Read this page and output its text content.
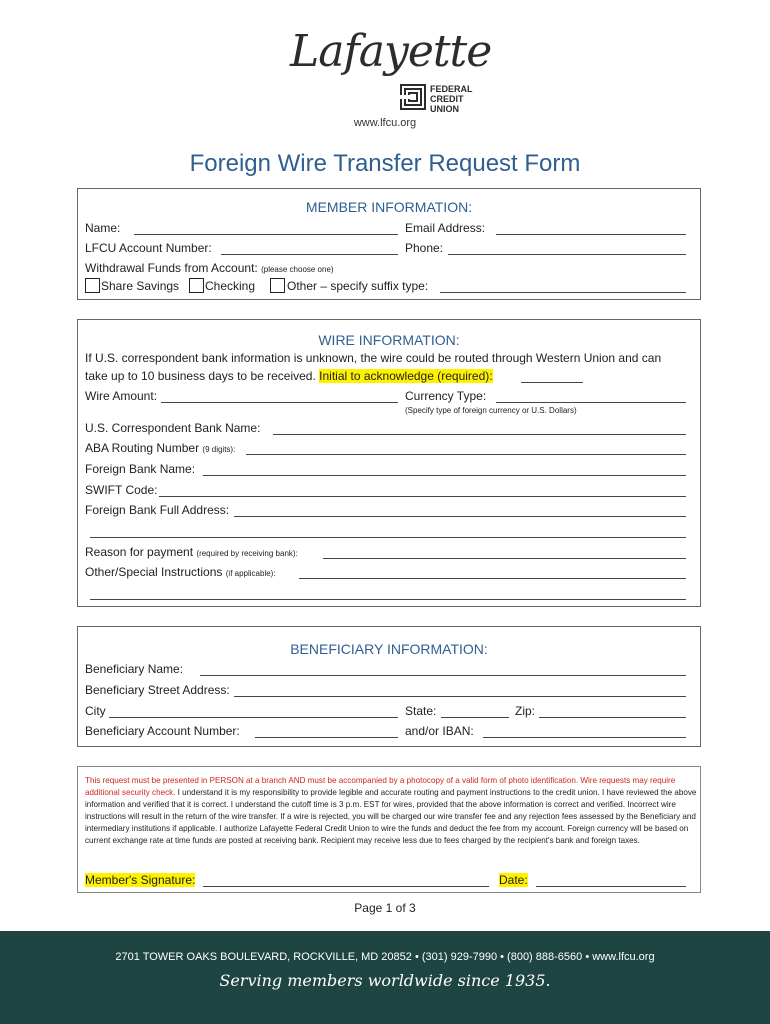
Lafayette
FEDERAL
CREDIT
UNION
www.lfcu.org
Foreign Wire Transfer Request Form
MEMBER INFORMATION:
Name:	Email Address:
LFCU Account Number:	Phone:
Withdrawal Funds from Account: (please choose one)
Share Savings Checking	Other – specify suffix type:
WIRE INFORMATION:
If U.S. correspondent bank information is unknown, the wire could be routed through Western Union and can
take up to 10 business days to be received. Initial to acknowledge (required):
Wire Amount:	Currency Type:
(Specify type of foreign currency or U.S. Dollars)
U.S. Correspondent Bank Name:
ABA Routing Number (9 digits):
Foreign Bank Name:
SWIFT Code:
Foreign Bank Full Address:
Reason for payment (required by receiving bank):
Other/Special Instructions (if applicable):
BENEFICIARY INFORMATION:
Beneficiary Name:
Beneficiary Street Address:
City	State:	Zip:
Beneficiary Account Number:	and/or IBAN:
This request must be presented in PERSON at a branch AND must be accompanied by a photocopy of a valid form of photo identification. Wire requests may require additional security check. I understand it is my responsibility to provide legible and accurate routing and payment instructions to the credit union. I have reviewed the above information and verified that it is correct. I understand the cutoff time is 3 p.m. EST for wires, provided that the above information is correct and verified. Incorrect wire instructions will result in the return of the wire transfer. If a wire is rejected, you will be charged our wire transfer fee and any rejection fees assessed by the Beneficiary and intermediary institutions if applicable. I authorize Lafayette Federal Credit Union to wire the funds and deduct the fee from my account. Foreign currency will be based on current exchange rate at time funds are posted at receiving bank. Recipient may receive less due to fees charged by the recipient's bank and foreign taxes.
Member's Signature:	Date:
Page 1 of 3
2701 TOWER OAKS BOULEVARD, ROCKVILLE, MD 20852 • (301) 929-7990 • (800) 888-6560 • www.lfcu.org
Serving members worldwide since 1935.
